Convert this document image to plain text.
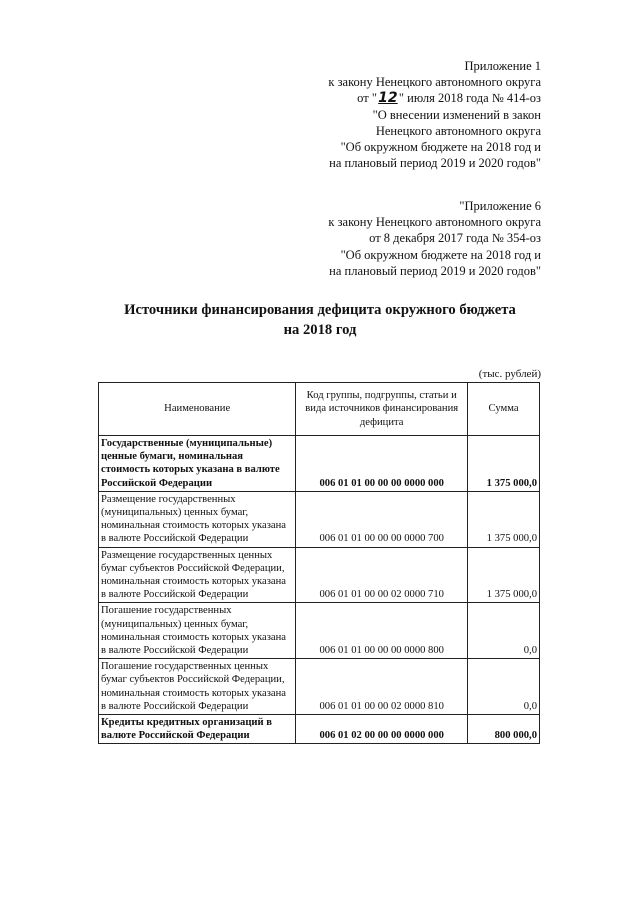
Приложение 1
к закону Ненецкого автономного округа
от "12" июля 2018 года № 414-оз
"О внесении изменений в закон
Ненецкого автономного округа
"Об окружном бюджете на 2018 год и
на плановый период 2019 и 2020 годов"
"Приложение 6
к закону Ненецкого автономного округа
от 8 декабря 2017 года № 354-оз
"Об окружном бюджете на 2018 год и
на плановый период 2019 и 2020 годов"
Источники финансирования дефицита окружного бюджета
на 2018 год
(тыс. рублей)
Наименование	Код группы, подгруппы, статьи и вида источников финансирования дефицита	Сумма
Государственные (муниципальные) ценные бумаги, номинальная стоимость которых указана в валюте Российской Федерации	006 01 01 00 00 00 0000 000	1 375 000,0
Размещение государственных (муниципальных) ценных бумаг, номинальная стоимость которых указана в валюте Российской Федерации	006 01 01 00 00 00 0000 700	1 375 000,0
Размещение государственных ценных бумаг субъектов Российской Федерации, номинальная стоимость которых указана в валюте Российской Федерации	006 01 01 00 00 02 0000 710	1 375 000,0
Погашение государственных (муниципальных) ценных бумаг, номинальная стоимость которых указана в валюте Российской Федерации	006 01 01 00 00 00 0000 800	0,0
Погашение государственных ценных бумаг субъектов Российской Федерации, номинальная стоимость которых указана в валюте Российской Федерации	006 01 01 00 00 02 0000 810	0,0
Кредиты кредитных организаций в валюте Российской Федерации	006 01 02 00 00 00 0000 000	800 000,0
